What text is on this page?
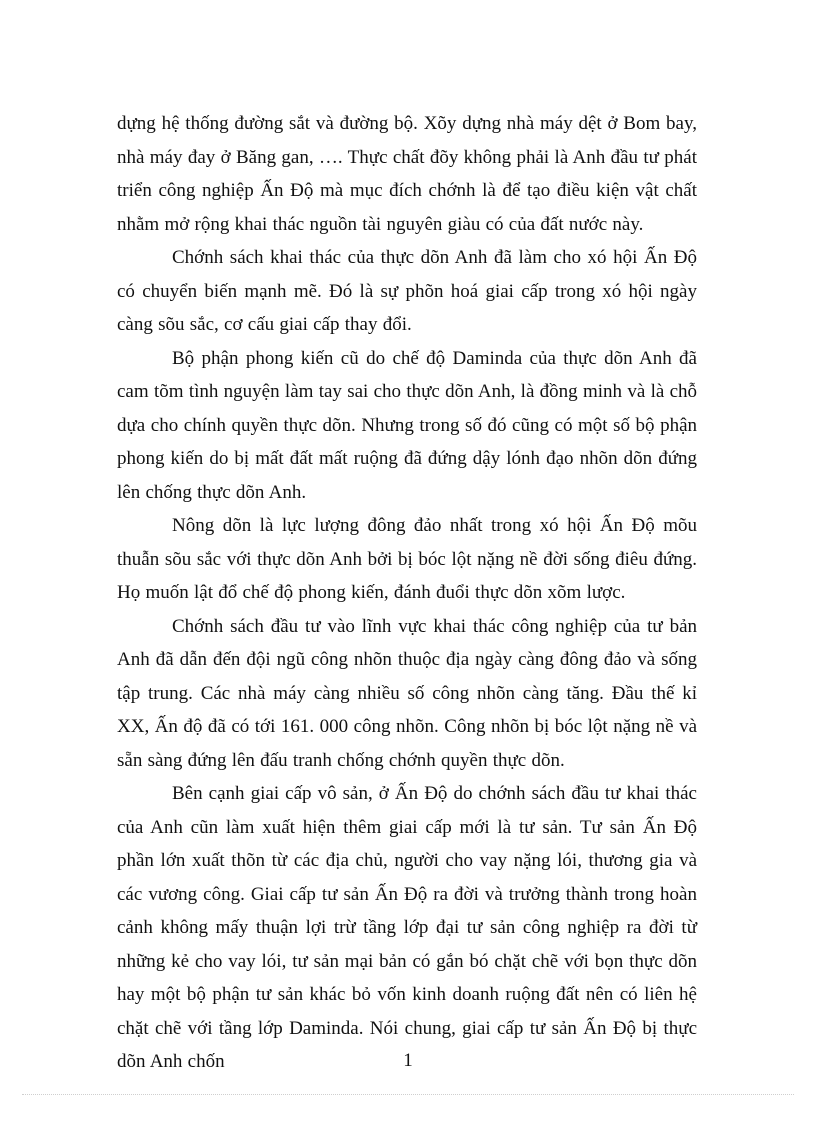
dựng hệ thống đường sắt và đường bộ. Xõy dựng nhà máy dệt ở Bom bay, nhà máy đay ở Băng gan, …. Thực chất đõy không phải là Anh đầu tư phát triển công nghiệp Ấn Độ mà mục đích chớnh là để tạo điều kiện vật chất nhằm mở rộng khai thác nguồn tài nguyên giàu có của đất nước này.

Chớnh sách khai thác của thực dõn Anh đã làm cho xó hội Ấn Độ có chuyển biến mạnh mẽ. Đó là sự phõn hoá giai cấp trong xó hội ngày càng sõu sắc, cơ cấu giai cấp thay đổi.

Bộ phận phong kiến cũ do chế độ Daminda của thực dõn Anh đã cam tõm tình nguyện làm tay sai cho thực dõn Anh, là đồng minh và là chỗ dựa cho chính quyền thực dõn. Nhưng trong số đó cũng có một số bộ phận phong kiến do bị mất đất mất ruộng đã đứng dậy lónh đạo nhõn dõn đứng lên chống thực dõn Anh.

Nông dõn là lực lượng đông đảo nhất trong xó hội Ấn Độ mõu thuẫn sõu sắc với thực dõn Anh bởi bị bóc lột nặng nề đời sống điêu đứng. Họ muốn lật đổ chế độ phong kiến, đánh đuổi thực dõn xõm lược.

Chớnh sách đầu tư vào lĩnh vực khai thác công nghiệp của tư bản Anh đã dẫn đến đội ngũ công nhõn thuộc địa ngày càng đông đảo và sống tập trung. Các nhà máy càng nhiều số công nhõn càng tăng. Đầu thế kỉ XX, Ấn độ đã có tới 161. 000 công nhõn. Công nhõn bị bóc lột nặng nề và sẵn sàng đứng lên đấu tranh chống chớnh quyền thực dõn.

Bên cạnh giai cấp vô sản, ở Ấn Độ do chớnh sách đầu tư khai thác của Anh cũn làm xuất hiện thêm giai cấp mới là tư sản. Tư sản Ấn Độ phần lớn xuất thõn từ các địa chủ, người cho vay nặng lói, thương gia và các vương công. Giai cấp tư sản Ấn Độ ra đời và trưởng thành trong hoàn cảnh không mấy thuận lợi trừ tầng lớp đại tư sản công nghiệp ra đời từ những kẻ cho vay lói, tư sản mại bản có gắn bó chặt chẽ với bọn thực dõn hay một bộ phận tư sản khác bỏ vốn kinh doanh ruộng đất nên có liên hệ chặt chẽ với tầng lớp Daminda. Nói chung, giai cấp tư sản Ấn Độ bị thực dõn Anh chốn	1
